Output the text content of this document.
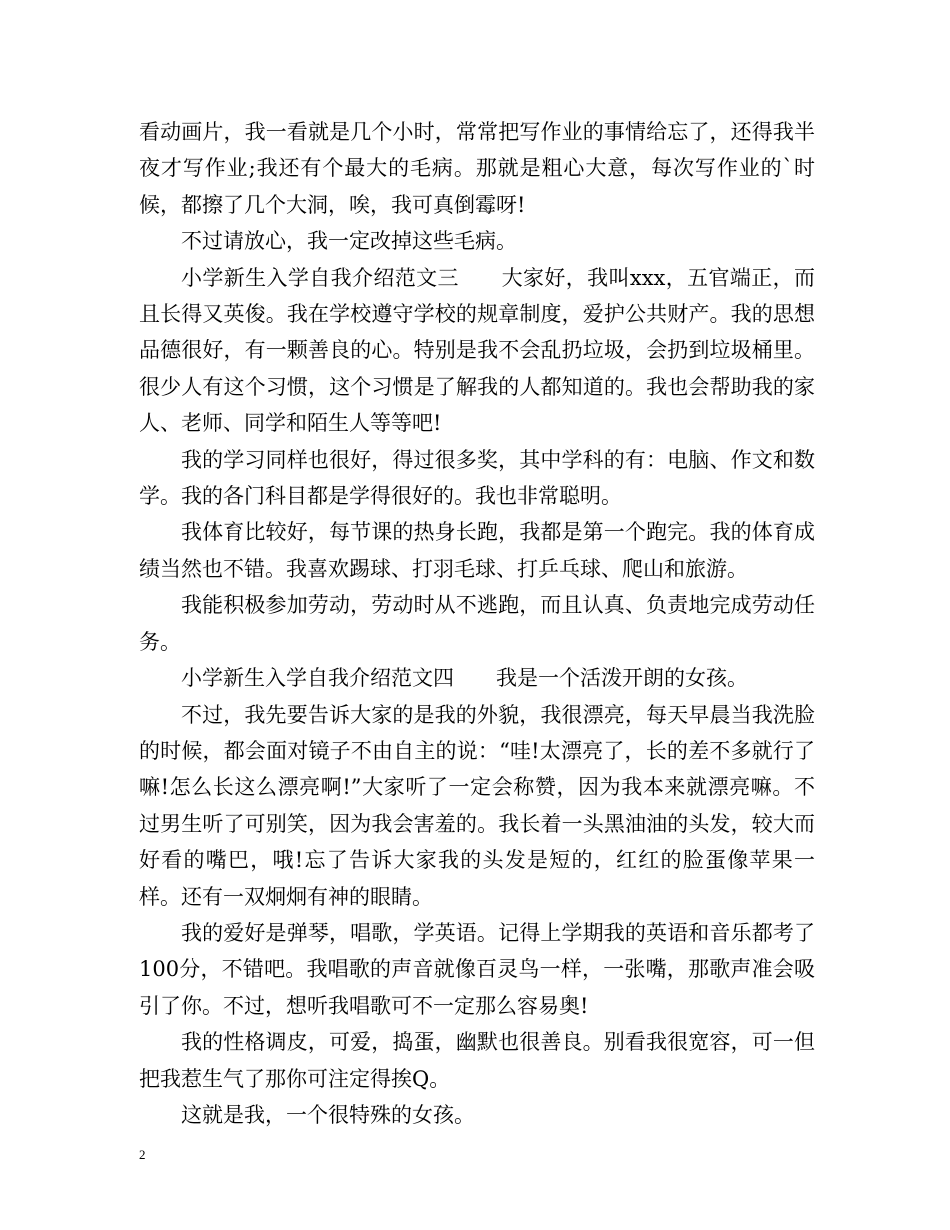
看动画片，我一看就是几个小时，常常把写作业的事情给忘了，还得我半夜才写作业;我还有个最大的毛病。那就是粗心大意，每次写作业的`时候，都擦了几个大洞，唉，我可真倒霉呀!

不过请放心，我一定改掉这些毛病。

小学新生入学自我介绍范文三　　大家好，我叫xxx，五官端正，而且长得又英俊。我在学校遵守学校的规章制度，爱护公共财产。我的思想品德很好，有一颗善良的心。特别是我不会乱扔垃圾，会扔到垃圾桶里。很少人有这个习惯，这个习惯是了解我的人都知道的。我也会帮助我的家人、老师、同学和陌生人等等吧!

我的学习同样也很好，得过很多奖，其中学科的有：电脑、作文和数学。我的各门科目都是学得很好的。我也非常聪明。

我体育比较好，每节课的热身长跑，我都是第一个跑完。我的体育成绩当然也不错。我喜欢踢球、打羽毛球、打乒乓球、爬山和旅游。

我能积极参加劳动，劳动时从不逃跑，而且认真、负责地完成劳动任务。

小学新生入学自我介绍范文四　　我是一个活泼开朗的女孩。

不过，我先要告诉大家的是我的外貌，我很漂亮，每天早晨当我洗脸的时候，都会面对镜子不由自主的说：“哇!太漂亮了，长的差不多就行了嘛!怎么长这么漂亮啊!”大家听了一定会称赞，因为我本来就漂亮嘛。不过男生听了可别笑，因为我会害羞的。我长着一头黑油油的头发，较大而好看的嘴巴，哦!忘了告诉大家我的头发是短的，红红的脸蛋像苹果一样。还有一双炯炯有神的眼睛。

我的爱好是弹琴，唱歌，学英语。记得上学期我的英语和音乐都考了100分，不错吧。我唱歌的声音就像百灵鸟一样，一张嘴，那歌声准会吸引了你。不过，想听我唱歌可不一定那么容易奥!

我的性格调皮，可爱，捣蛋，幽默也很善良。别看我很宽容，可一但把我惹生气了那你可注定得挨Q。

这就是我，一个很特殊的女孩。

2
